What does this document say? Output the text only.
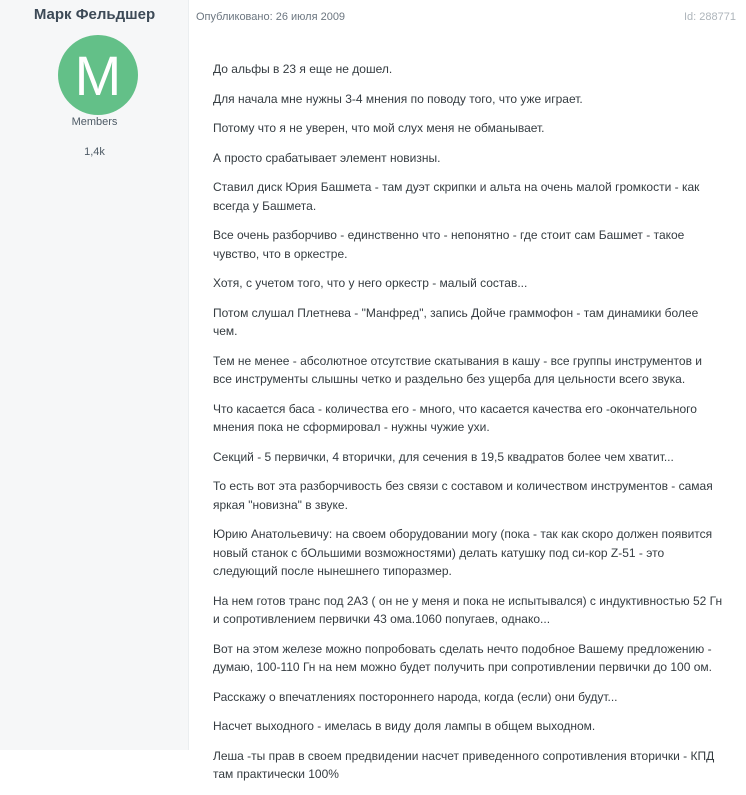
Марк Фельдшер
M
Members
1,4k
Опубликовано: 26 июля 2009	Id: 288771

До альфы в 23 я еще не дошел.

Для начала мне нужны 3-4 мнения по поводу того, что уже играет.

Потому что я не уверен, что мой слух меня не обманывает.

А просто срабатывает элемент новизны.

Ставил диск Юрия Башмета - там дуэт скрипки и альта на очень малой громкости - как всегда у Башмета.

Все очень разборчиво - единственно что - непонятно - где стоит сам Башмет - такое чувство, что в оркестре.

Хотя, с учетом того, что у него оркестр - малый состав...

Потом слушал Плетнева - "Манфред", запись Дойче граммофон - там динамики более чем.

Тем не менее - абсолютное отсутствие скатывания в кашу - все группы инструментов и все инструменты слышны четко и раздельно без ущерба для цельности всего звука.

Что касается баса - количества его - много, что касается качества его -окончательного мнения пока не сформировал - нужны чужие ухи.

Секций - 5 первички, 4 вторички, для сечения в 19,5 квадратов более чем хватит...

То есть вот эта разборчивость без связи с составом и количеством инструментов - самая яркая "новизна" в звуке.

Юрию Анатольевичу: на своем оборудовании могу (пока - так как скоро должен появится новый станок с бОльшими возможностями) делать катушку под си-кор Z-51 - это следующий после нынешнего типоразмер.

На нем готов транс под 2А3 ( он не у меня и пока не испытывался) с индуктивностью 52 Гн и сопротивлением первички 43 ома.1060 попугаев, однако...

Вот на этом железе можно попробовать сделать нечто подобное Вашему предложению - думаю, 100-110 Гн на нем можно будет получить при сопротивлении первички до 100 ом.

Расскажу о впечатлениях постороннего народа, когда (если) они будут...

Насчет выходного - имелась в виду доля лампы в общем выходном.

Леша -ты прав в своем предвидении насчет приведенного сопротивления вторички - КПД там практически 100%
